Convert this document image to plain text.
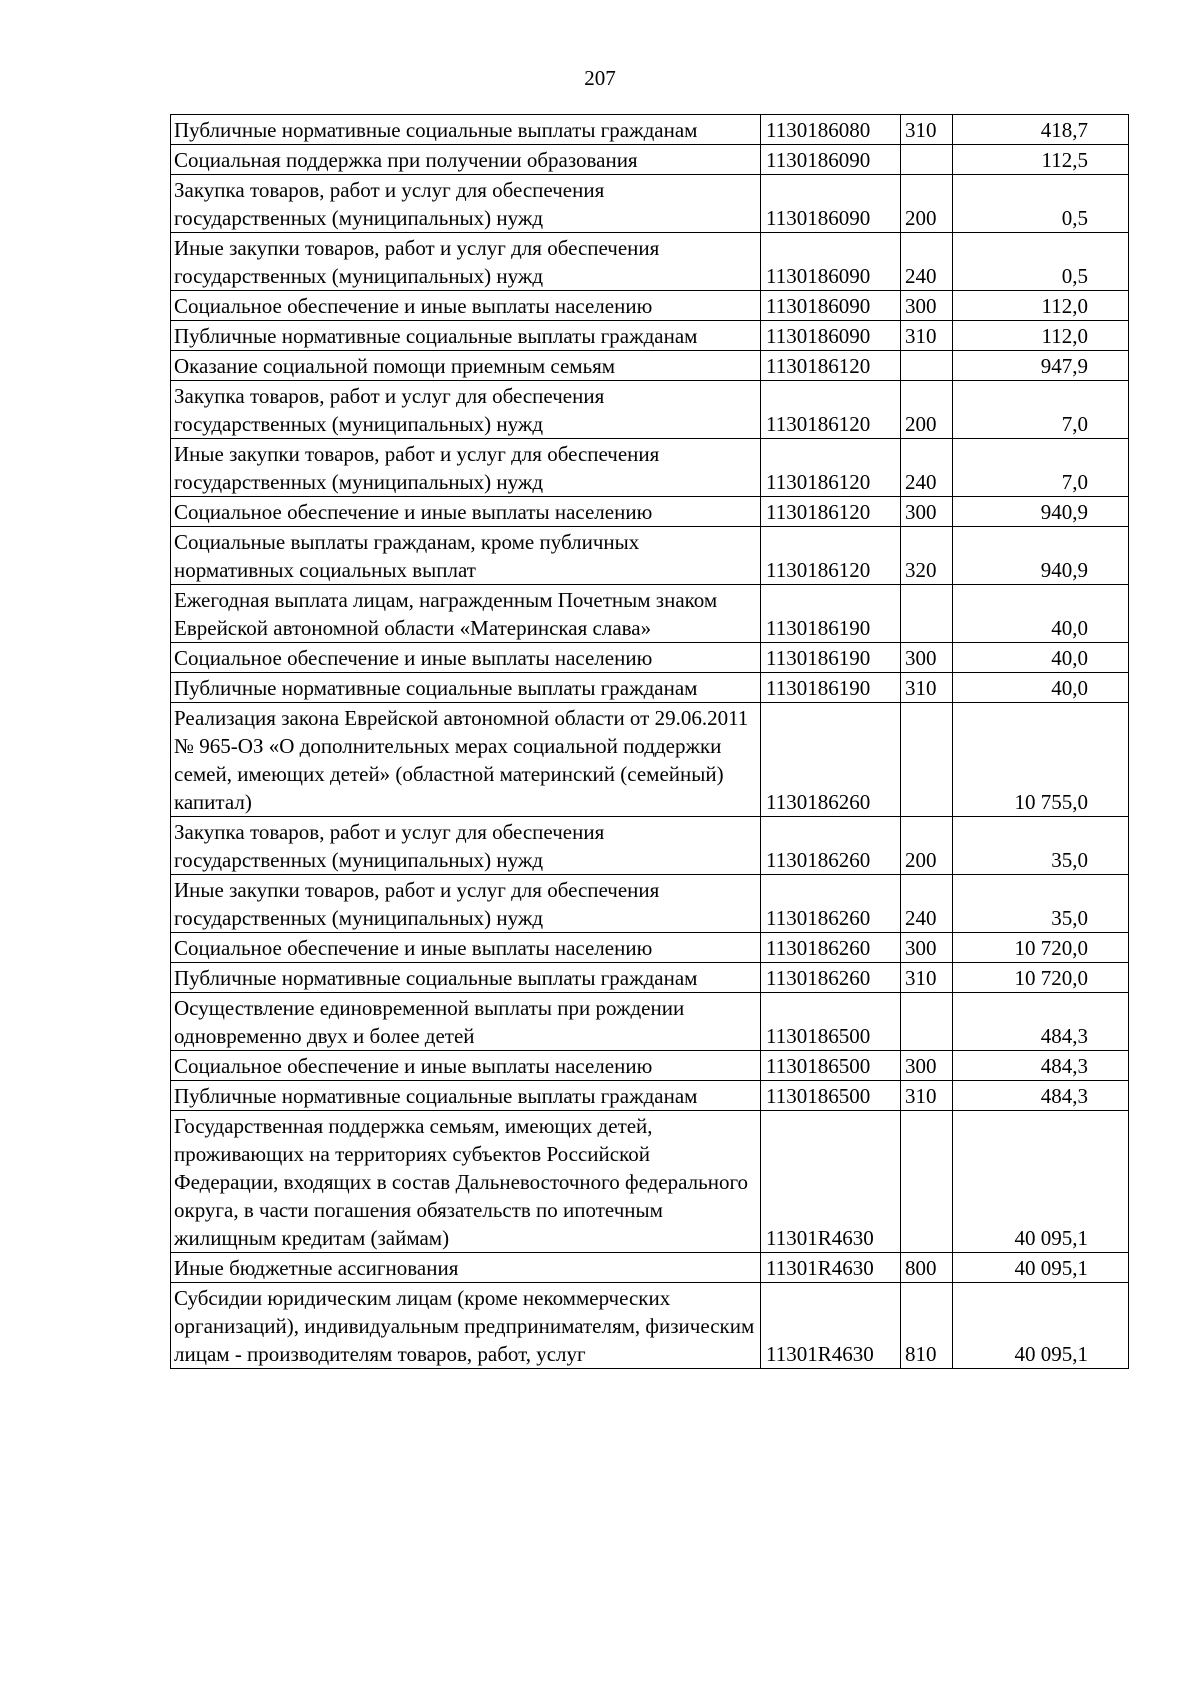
207
Публичные нормативные социальные выплаты гражданам	1130186080	310	418,7
Социальная поддержка при получении образования	1130186090		112,5
Закупка товаров, работ и услуг для обеспечения государственных (муниципальных) нужд	1130186090	200	0,5
Иные закупки товаров, работ и услуг для обеспечения государственных (муниципальных) нужд	1130186090	240	0,5
Социальное обеспечение и иные выплаты населению	1130186090	300	112,0
Публичные нормативные социальные выплаты гражданам	1130186090	310	112,0
Оказание социальной помощи приемным семьям	1130186120		947,9
Закупка товаров, работ и услуг для обеспечения государственных (муниципальных) нужд	1130186120	200	7,0
Иные закупки товаров, работ и услуг для обеспечения государственных (муниципальных) нужд	1130186120	240	7,0
Социальное обеспечение и иные выплаты населению	1130186120	300	940,9
Социальные выплаты гражданам, кроме публичных нормативных социальных выплат	1130186120	320	940,9
Ежегодная выплата лицам, награжденным Почетным знаком Еврейской автономной области «Материнская слава»	1130186190		40,0
Социальное обеспечение и иные выплаты населению	1130186190	300	40,0
Публичные нормативные социальные выплаты гражданам	1130186190	310	40,0
Реализация закона Еврейской автономной области от 29.06.2011 № 965-ОЗ «О дополнительных мерах социальной поддержки семей, имеющих детей» (областной материнский (семейный) капитал)	1130186260		10 755,0
Закупка товаров, работ и услуг для обеспечения государственных (муниципальных) нужд	1130186260	200	35,0
Иные закупки товаров, работ и услуг для обеспечения государственных (муниципальных) нужд	1130186260	240	35,0
Социальное обеспечение и иные выплаты населению	1130186260	300	10 720,0
Публичные нормативные социальные выплаты гражданам	1130186260	310	10 720,0
Осуществление единовременной выплаты при рождении одновременно двух и более детей	1130186500		484,3
Социальное обеспечение и иные выплаты населению	1130186500	300	484,3
Публичные нормативные социальные выплаты гражданам	1130186500	310	484,3
Государственная поддержка семьям, имеющих детей, проживающих на территориях субъектов Российской Федерации, входящих в состав Дальневосточного федерального округа, в части погашения обязательств по ипотечным жилищным кредитам (займам)	11301R4630		40 095,1
Иные бюджетные ассигнования	11301R4630	800	40 095,1
Субсидии юридическим лицам (кроме некоммерческих организаций), индивидуальным предпринимателям, физическим лицам - производителям товаров, работ, услуг	11301R4630	810	40 095,1
